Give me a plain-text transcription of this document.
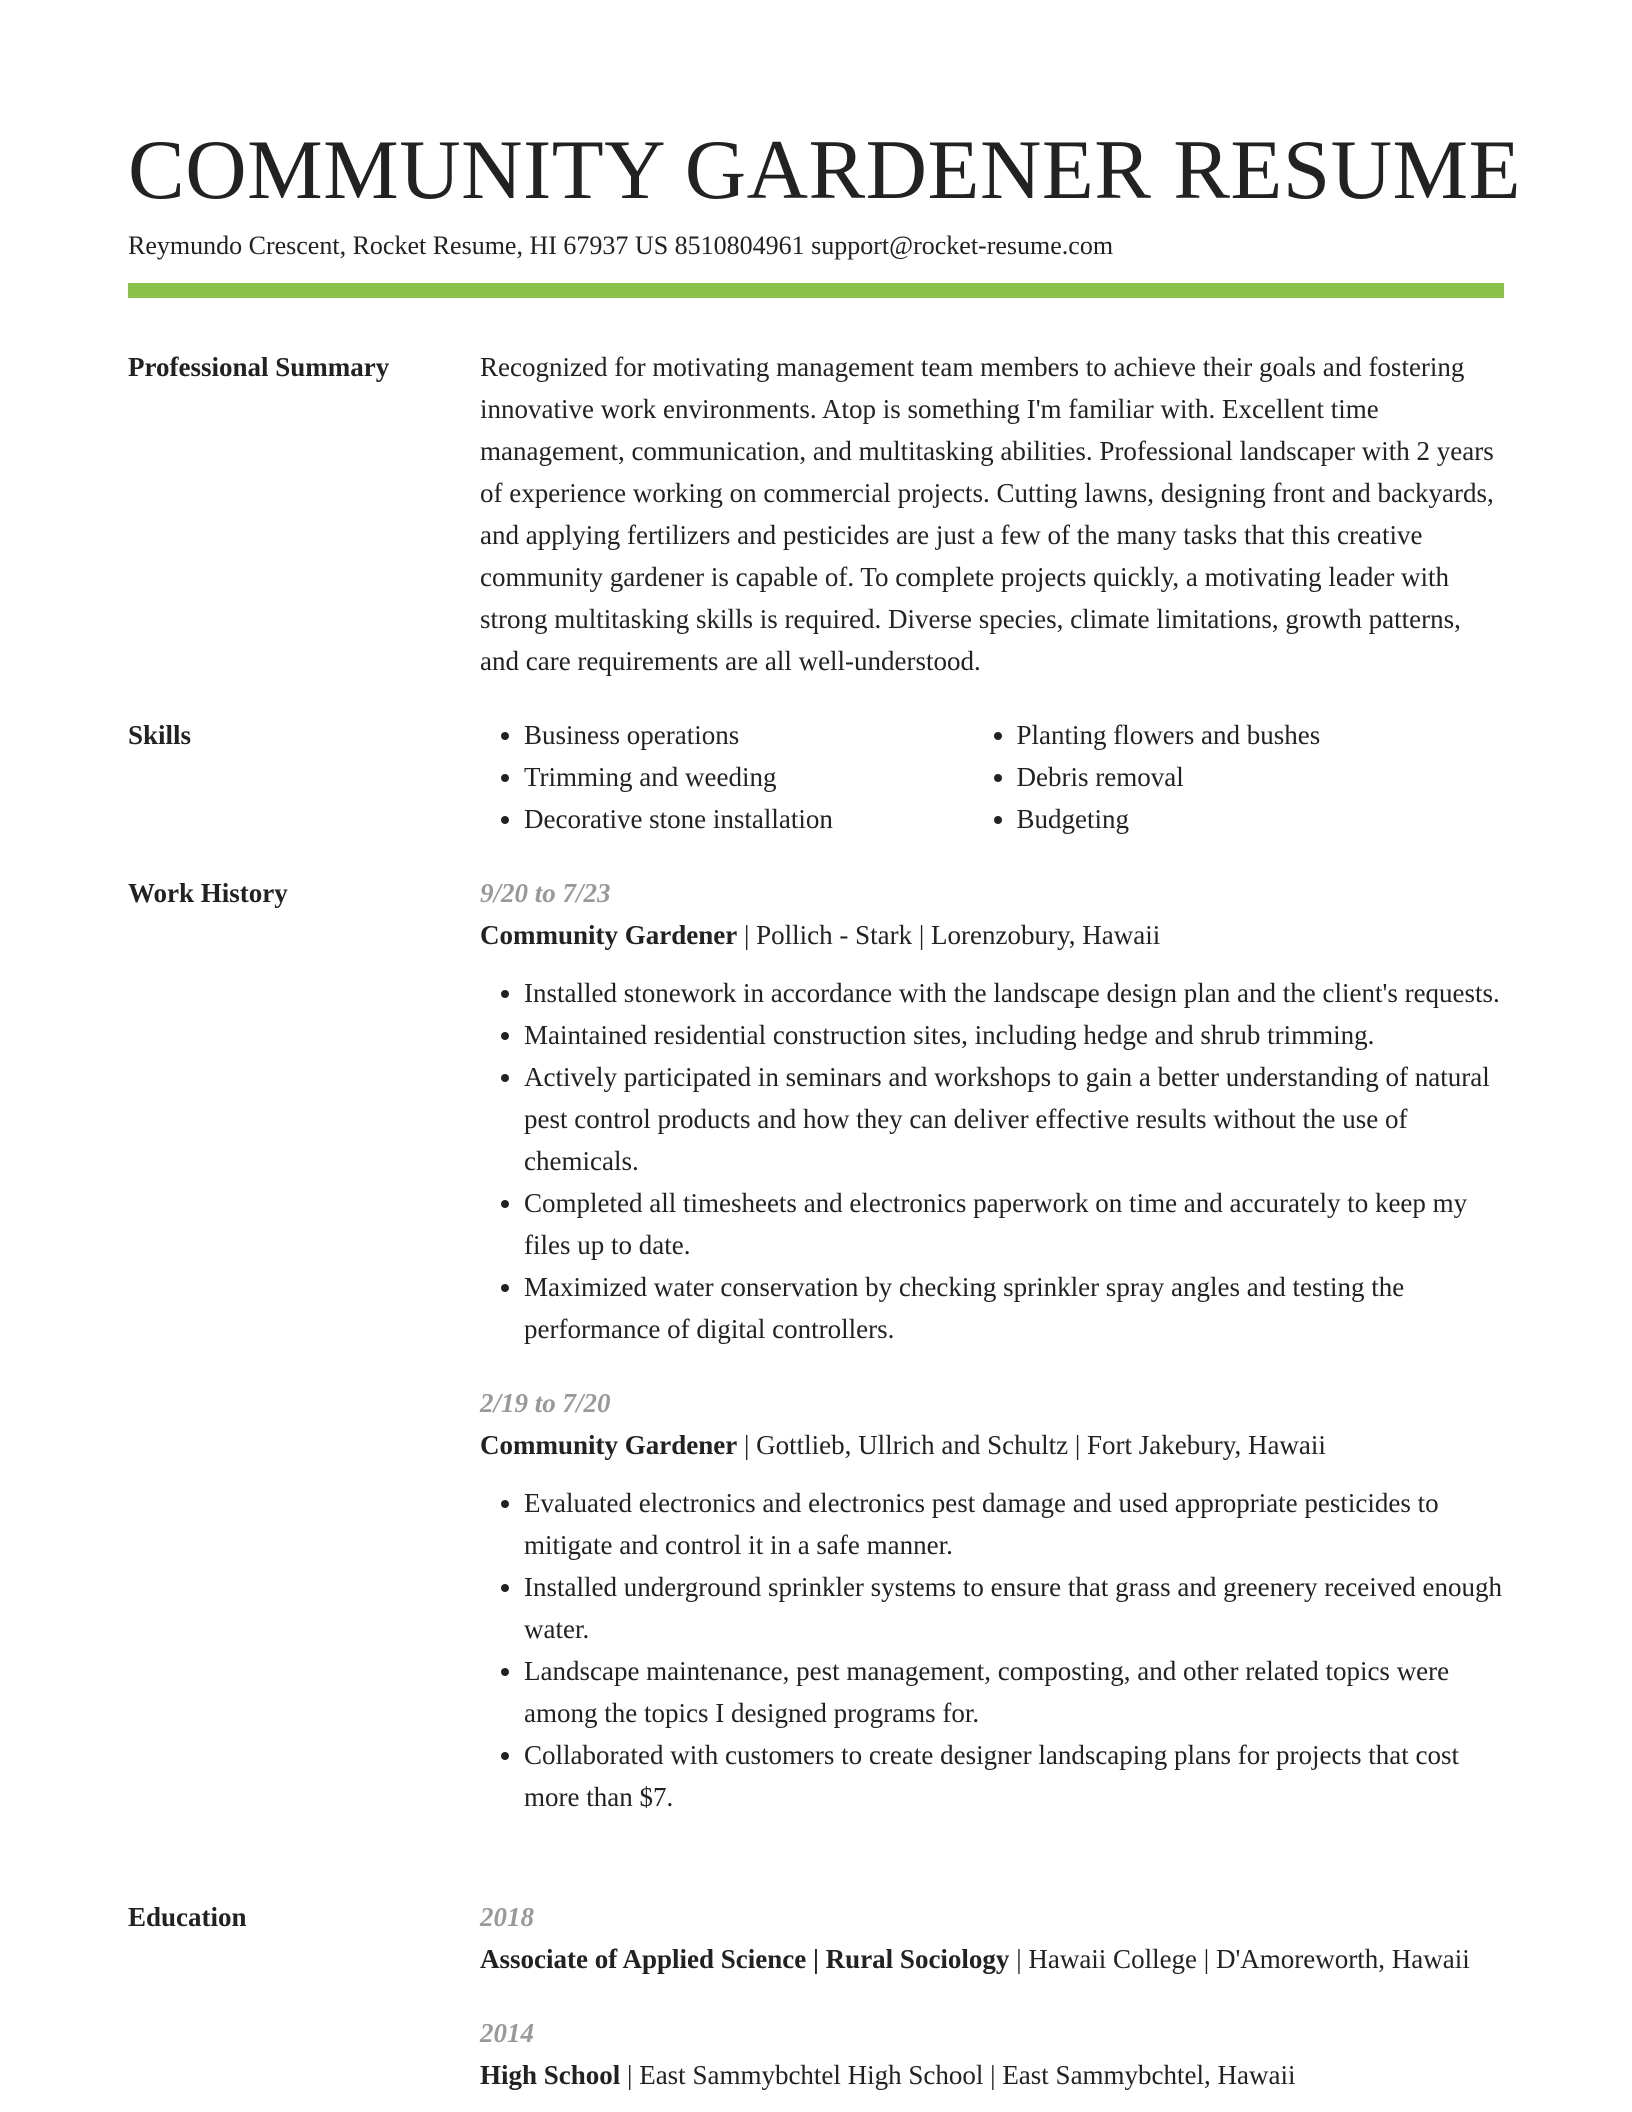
COMMUNITY GARDENER RESUME
Reymundo Crescent, Rocket Resume, HI 67937 US 8510804961 support@rocket-resume.com
Professional Summary	Recognized for motivating management team members to achieve their goals and fostering innovative work environments. Atop is something I'm familiar with. Excellent time management, communication, and multitasking abilities. Professional landscaper with 2 years of experience working on commercial projects. Cutting lawns, designing front and backyards, and applying fertilizers and pesticides are just a few of the many tasks that this creative community gardener is capable of. To complete projects quickly, a motivating leader with strong multitasking skills is required. Diverse species, climate limitations, growth patterns, and care requirements are all well-understood.

Skills
•	Business operations
• Trimming and weeding
• Decorative stone installation
• Planting flowers and bushes
• Debris removal
• Budgeting
Work History	9/20 to 7/23

Community Gardener | Pollich - Stark | Lorenzobury, Hawaii

• Installed stonework in accordance with the landscape design plan and the client's requests.
• Maintained residential construction sites, including hedge and shrub trimming.
• Actively participated in seminars and workshops to gain a better understanding of natural pest control products and how they can deliver effective results without the use of chemicals.
• Completed all timesheets and electronics paperwork on time and accurately to keep my files up to date.
• Maximized water conservation by checking sprinkler spray angles and testing the performance of digital controllers.
2/19 to 7/20

Community Gardener | Gottlieb, Ullrich and Schultz | Fort Jakebury, Hawaii

• Evaluated electronics and electronics pest damage and used appropriate pesticides to mitigate and control it in a safe manner.
• Installed underground sprinkler systems to ensure that grass and greenery received enough water.
• Landscape maintenance, pest management, composting, and other related topics were among the topics I designed programs for.
• Collaborated with customers to create designer landscaping plans for projects that cost more than $7.
Education	2018

Associate of Applied Science | Rural Sociology | Hawaii College | D'Amoreworth, Hawaii

2014

High School | East Sammybchtel High School | East Sammybchtel, Hawaii
